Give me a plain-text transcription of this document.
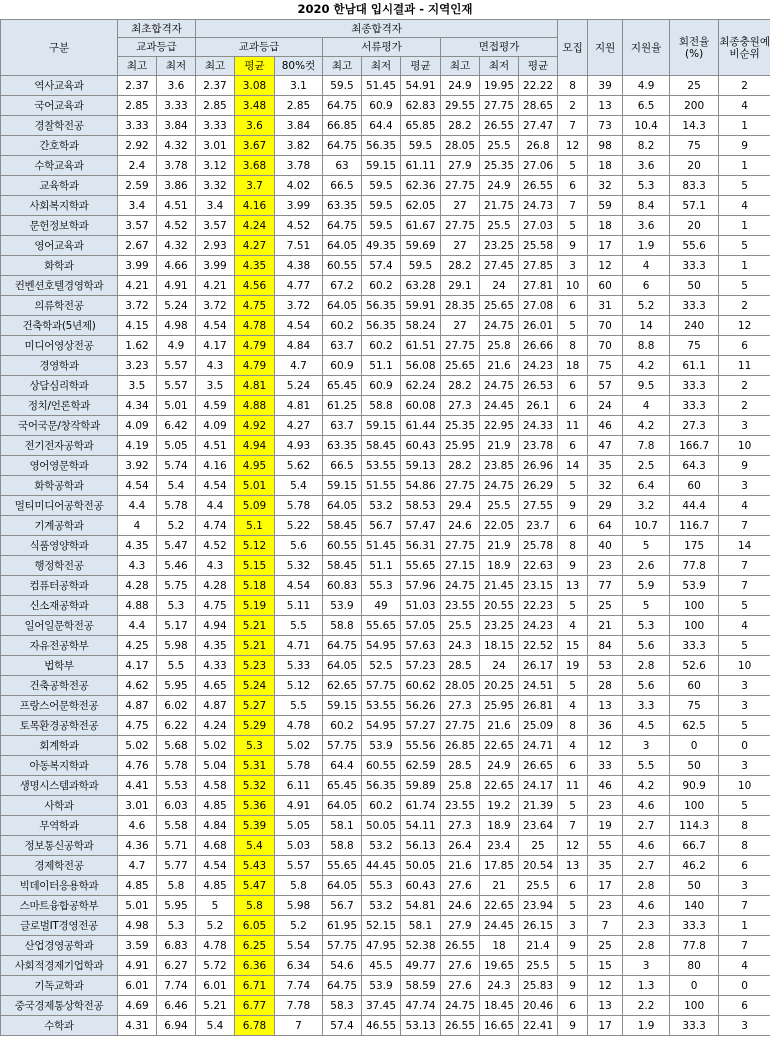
2020 한남대 입시결과 - 지역인재
구분	최초합격자		최종합격자									모집	지원	지원율	회전율(%)	최종충원예비순위
	교과등급		교과등급			서류평가			면접평가							
	최고	최저	최고	평균	80%컷	최고	최저	평균	최고	최저	평균					
역사교육과	2.37	3.6	2.37	3.08	3.1	59.5	51.45	54.91	24.9	19.95	22.22	8	39	4.9	25	2
국어교육과	2.85	3.33	2.85	3.48	2.85	64.75	60.9	62.83	29.55	27.75	28.65	2	13	6.5	200	4
경찰학전공	3.33	3.84	3.33	3.6	3.84	66.85	64.4	65.85	28.2	26.55	27.47	7	73	10.4	14.3	1
간호학과	2.92	4.32	3.01	3.67	3.82	64.75	56.35	59.5	28.05	25.5	26.8	12	98	8.2	75	9
수학교육과	2.4	3.78	3.12	3.68	3.78	63	59.15	61.11	27.9	25.35	27.06	5	18	3.6	20	1
교육학과	2.59	3.86	3.32	3.7	4.02	66.5	59.5	62.36	27.75	24.9	26.55	6	32	5.3	83.3	5
사회복지학과	3.4	4.51	3.4	4.16	3.99	63.35	59.5	62.05	27	21.75	24.73	7	59	8.4	57.1	4
문헌정보학과	3.57	4.52	3.57	4.24	4.52	64.75	59.5	61.67	27.75	25.5	27.03	5	18	3.6	20	1
영어교육과	2.67	4.32	2.93	4.27	7.51	64.05	49.35	59.69	27	23.25	25.58	9	17	1.9	55.6	5
화학과	3.99	4.66	3.99	4.35	4.38	60.55	57.4	59.5	28.2	27.45	27.85	3	12	4	33.3	1
컨벤션호텔경영학과	4.21	4.91	4.21	4.56	4.77	67.2	60.2	63.28	29.1	24	27.81	10	60	6	50	5
의류학전공	3.72	5.24	3.72	4.75	3.72	64.05	56.35	59.91	28.35	25.65	27.08	6	31	5.2	33.3	2
건축학과(5년제)	4.15	4.98	4.54	4.78	4.54	60.2	56.35	58.24	27	24.75	26.01	5	70	14	240	12
미디어영상전공	1.62	4.9	4.17	4.79	4.84	63.7	60.2	61.51	27.75	25.8	26.66	8	70	8.8	75	6
경영학과	3.23	5.57	4.3	4.79	4.7	60.9	51.1	56.08	25.65	21.6	24.23	18	75	4.2	61.1	11
상담심리학과	3.5	5.57	3.5	4.81	5.24	65.45	60.9	62.24	28.2	24.75	26.53	6	57	9.5	33.3	2
정치/언론학과	4.34	5.01	4.59	4.88	4.81	61.25	58.8	60.08	27.3	24.45	26.1	6	24	4	33.3	2
국어국문/창작학과	4.09	6.42	4.09	4.92	4.27	63.7	59.15	61.44	25.35	22.95	24.33	11	46	4.2	27.3	3
전기전자공학과	4.19	5.05	4.51	4.94	4.93	63.35	58.45	60.43	25.95	21.9	23.78	6	47	7.8	166.7	10
영어영문학과	3.92	5.74	4.16	4.95	5.62	66.5	53.55	59.13	28.2	23.85	26.96	14	35	2.5	64.3	9
화학공학과	4.54	5.4	4.54	5.01	5.4	59.15	51.55	54.86	27.75	24.75	26.29	5	32	6.4	60	3
멀티미디어공학전공	4.4	5.78	4.4	5.09	5.78	64.05	53.2	58.53	29.4	25.5	27.55	9	29	3.2	44.4	4
기계공학과	4	5.2	4.74	5.1	5.22	58.45	56.7	57.47	24.6	22.05	23.7	6	64	10.7	116.7	7
식품영양학과	4.35	5.47	4.52	5.12	5.6	60.55	51.45	56.31	27.75	21.9	25.78	8	40	5	175	14
행정학전공	4.3	5.46	4.3	5.15	5.32	58.45	51.1	55.65	27.15	18.9	22.63	9	23	2.6	77.8	7
컴퓨터공학과	4.28	5.75	4.28	5.18	4.54	60.83	55.3	57.96	24.75	21.45	23.15	13	77	5.9	53.9	7
신소재공학과	4.88	5.3	4.75	5.19	5.11	53.9	49	51.03	23.55	20.55	22.23	5	25	5	100	5
일어일문학전공	4.4	5.17	4.94	5.21	5.5	58.8	55.65	57.05	25.5	23.25	24.23	4	21	5.3	100	4
자유전공학부	4.25	5.98	4.35	5.21	4.71	64.75	54.95	57.63	24.3	18.15	22.52	15	84	5.6	33.3	5
법학부	4.17	5.5	4.33	5.23	5.33	64.05	52.5	57.23	28.5	24	26.17	19	53	2.8	52.6	10
건축공학전공	4.62	5.95	4.65	5.24	5.12	62.65	57.75	60.62	28.05	20.25	24.51	5	28	5.6	60	3
프랑스어문학전공	4.87	6.02	4.87	5.27	5.5	59.15	53.55	56.26	27.3	25.95	26.81	4	13	3.3	75	3
토목환경공학전공	4.75	6.22	4.24	5.29	4.78	60.2	54.95	57.27	27.75	21.6	25.09	8	36	4.5	62.5	5
회계학과	5.02	5.68	5.02	5.3	5.02	57.75	53.9	55.56	26.85	22.65	24.71	4	12	3	0	0
아동복지학과	4.76	5.78	5.04	5.31	5.78	64.4	60.55	62.59	28.5	24.9	26.65	6	33	5.5	50	3
생명시스템과학과	4.41	5.53	4.58	5.32	6.11	65.45	56.35	59.89	25.8	22.65	24.17	11	46	4.2	90.9	10
사학과	3.01	6.03	4.85	5.36	4.91	64.05	60.2	61.74	23.55	19.2	21.39	5	23	4.6	100	5
무역학과	4.6	5.58	4.84	5.39	5.05	58.1	50.05	54.11	27.3	18.9	23.64	7	19	2.7	114.3	8
정보통신공학과	4.36	5.71	4.68	5.4	5.03	58.8	53.2	56.13	26.4	23.4	25	12	55	4.6	66.7	8
경제학전공	4.7	5.77	4.54	5.43	5.57	55.65	44.45	50.05	21.6	17.85	20.54	13	35	2.7	46.2	6
빅데이터응용학과	4.85	5.8	4.85	5.47	5.8	64.05	55.3	60.43	27.6	21	25.5	6	17	2.8	50	3
스마트융합공학부	5.01	5.95	5	5.8	5.98	56.7	53.2	54.81	24.6	22.65	23.94	5	23	4.6	140	7
글로벌IT경영전공	4.98	5.3	5.2	6.05	5.2	61.95	52.15	58.1	27.9	24.45	26.15	3	7	2.3	33.3	1
산업경영공학과	3.59	6.83	4.78	6.25	5.54	57.75	47.95	52.38	26.55	18	21.4	9	25	2.8	77.8	7
사회적경제기업학과	4.91	6.27	5.72	6.36	6.34	54.6	45.5	49.77	27.6	19.65	25.5	5	15	3	80	4
기독교학과	6.01	7.74	6.01	6.71	7.74	64.75	53.9	58.59	27.6	24.3	25.83	9	12	1.3	0	0
중국경제통상학전공	4.69	6.46	5.21	6.77	7.78	58.3	37.45	47.74	24.75	18.45	20.46	6	13	2.2	100	6
수학과	4.31	6.94	5.4	6.78	7	57.4	46.55	53.13	26.55	16.65	22.41	9	17	1.9	33.3	3
